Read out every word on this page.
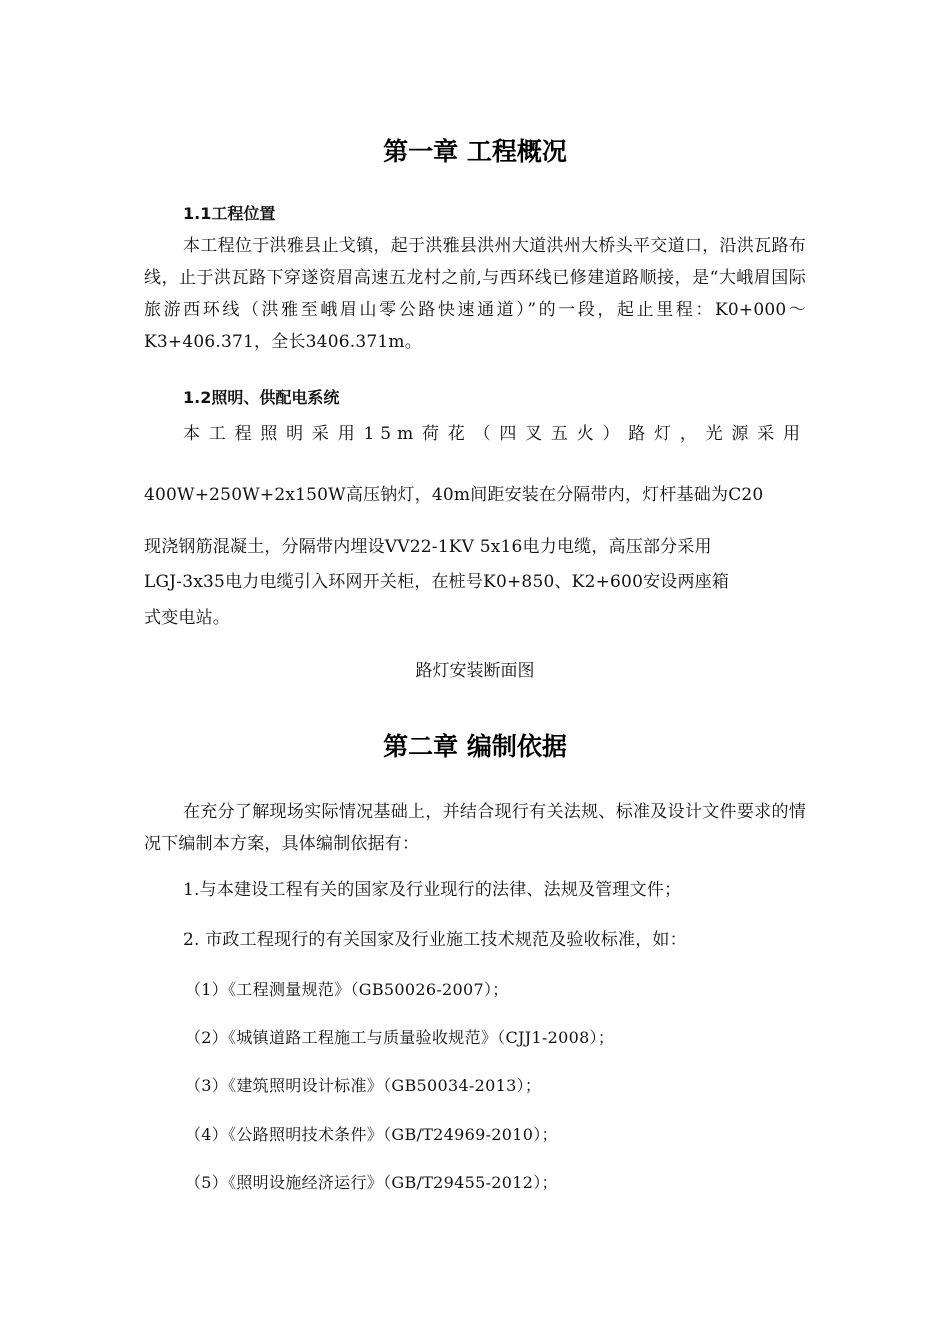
第一章 工程概况
1.1工程位置
本工程位于洪雅县止戈镇，起于洪雅县洪州大道洪州大桥头平交道口，沿洪瓦路布线，止于洪瓦路下穿遂资眉高速五龙村之前,与西环线已修建道路顺接，是“大峨眉国际旅游西环线（洪雅至峨眉山零公路快速通道）”的一段，起止里程：K0+000～K3+406.371，全长3406.371m。
1.2照明、供配电系统
本工程照明采用15m荷花（四叉五火）路灯，光源采用
400W+250W+2ⅹ150W高压钠灯，40m间距安装在分隔带内，灯杆基础为C20
现浇钢筋混凝土，分隔带内埋设VV22-1KV 5x16电力电缆，高压部分采用
LGJ-3x35电力电缆引入环网开关柜，在桩号K0+850、K2+600安设两座箱
式变电站。
路灯安装断面图
第二章 编制依据
在充分了解现场实际情况基础上，并结合现行有关法规、标准及设计文件要求的情况下编制本方案，具体编制依据有：
1.与本建设工程有关的国家及行业现行的法律、法规及管理文件；
2. 市政工程现行的有关国家及行业施工技术规范及验收标准，如：
（1）《工程测量规范》（GB50026-2007）；
（2）《城镇道路工程施工与质量验收规范》（CJJ1-2008）；
（3）《建筑照明设计标准》（GB50034-2013）；
（4）《公路照明技术条件》（GB/T24969-2010）；
（5）《照明设施经济运行》（GB/T29455-2012）；
